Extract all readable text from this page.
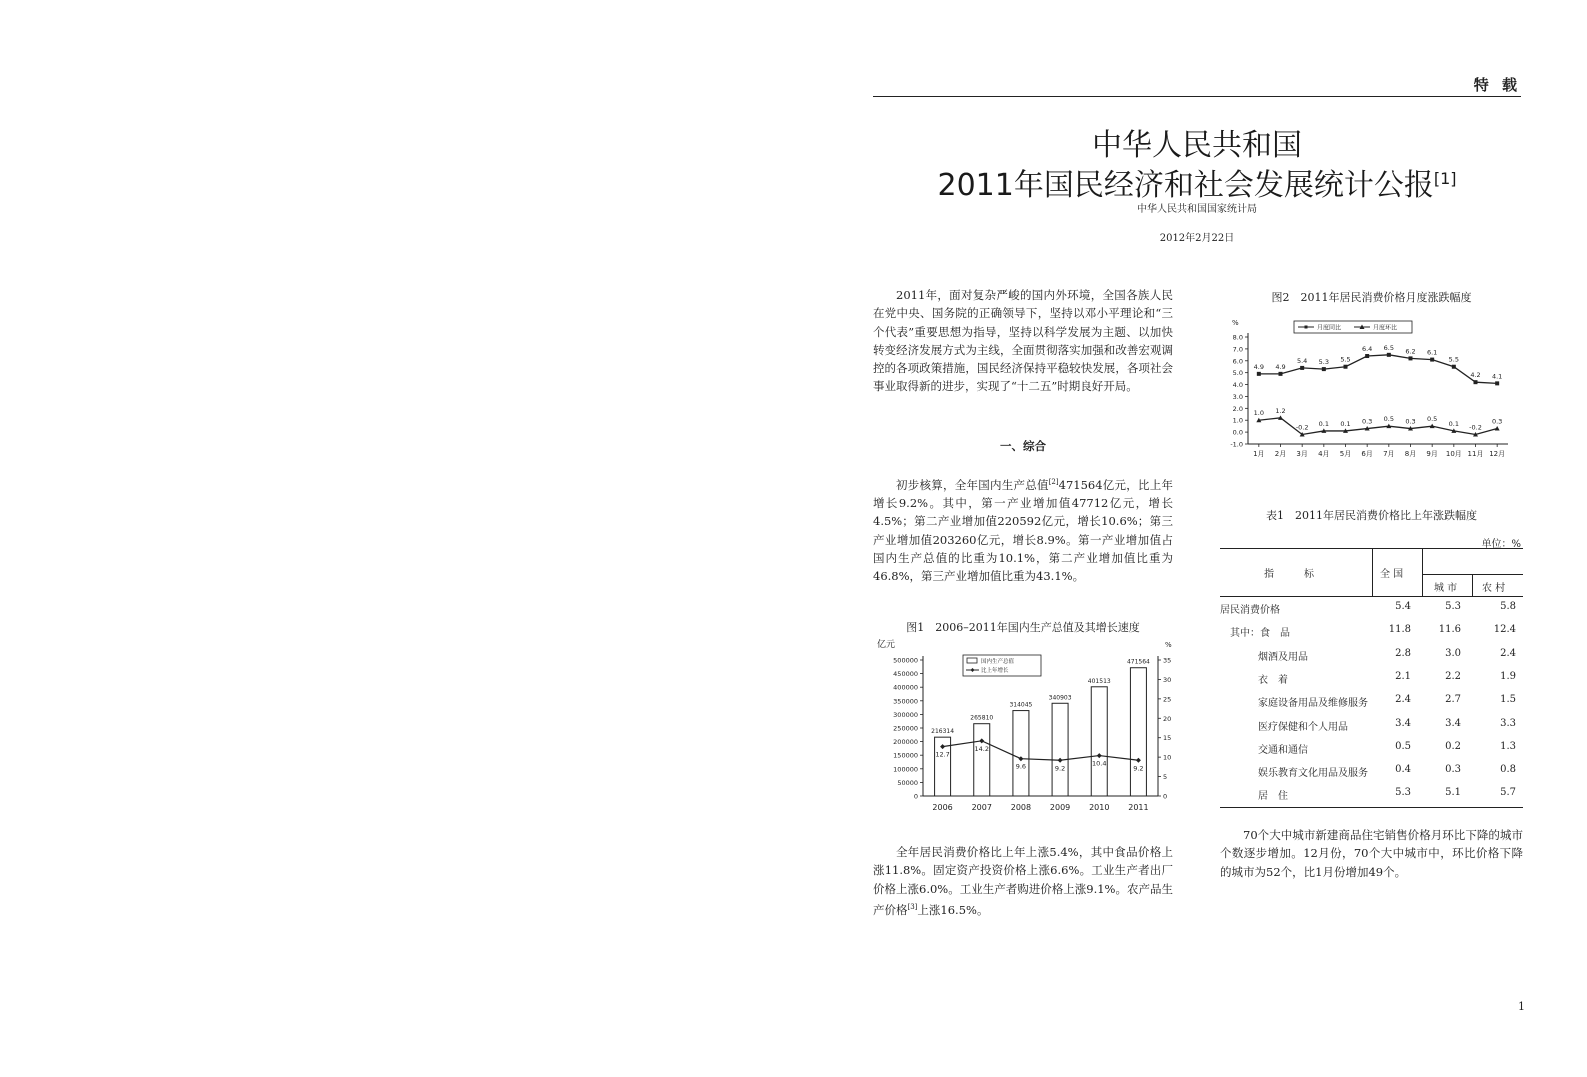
特 载
中华人民共和国
2011年国民经济和社会发展统计公报[1]
中华人民共和国国家统计局
2012年2月22日
2011年，面对复杂严峻的国内外环境，全国各族人民在党中央、国务院的正确领导下，坚持以邓小平理论和“三个代表”重要思想为指导，坚持以科学发展为主题、以加快转变经济发展方式为主线，全面贯彻落实加强和改善宏观调控的各项政策措施，国民经济保持平稳较快发展，各项社会事业取得新的进步，实现了“十二五”时期良好开局。
一、综合
初步核算，全年国内生产总值[2]471564亿元，比上年增长9.2%。其中，第一产业增加值47712亿元，增长4.5%；第二产业增加值220592亿元，增长10.6%；第三产业增加值203260亿元，增长8.9%。第一产业增加值占国内生产总值的比重为10.1%，第二产业增加值比重为46.8%，第三产业增加值比重为43.1%。
图1　2006–2011年国内生产总值及其增长速度
亿元	%
0
50000
100000
150000
200000
250000
300000
350000
400000
450000
500000
0
5
10
15
20
25
30
35
2006 2007 2008 2009 2010 2011
216314
265810
314045
340903
401513
471564
12.7
14.2
9.6	9.2
10.4
9.2
国内生产总值
比上年增长
全年居民消费价格比上年上涨5.4%，其中食品价格上涨11.8%。固定资产投资价格上涨6.6%。工业生产者出厂价格上涨6.0%。工业生产者购进价格上涨9.1%。农产品生产价格[3]上涨16.5%。
图2　2011年居民消费价格月度涨跌幅度
%
-1.0
0.0
1.0
2.0
3.0
4.0
5.0
6.0
7.0
8.0
1月 2月 3月 4月 5月 6月 7月 8月 9月 10月 11月 12月
4.9 4.9
5.4 5.3 5.5
6.4 6.5 6.2 6.1
5.5
4.2 4.1
1.0 1.2
-0.2 0.1 0.1 0.3 0.5 0.3 0.5
0.1 -0.2
0.3
月度同比	月度环比
表1　2011年居民消费价格比上年涨跌幅度
单位：%
指　　　标	全 国
城 市 农 村
居民消费价格	5.4	5.3	5.8
其中：食　品	11.8	11.6	12.4
烟酒及用品	2.8	3.0	2.4
衣　着	2.1	2.2	1.9
家庭设备用品及维修服务	2.4	2.7	1.5
医疗保健和个人用品	3.4	3.4	3.3
交通和通信	0.5	0.2	1.3
娱乐教育文化用品及服务	0.4	0.3	0.8
居　住	5.3	5.1	5.7
70个大中城市新建商品住宅销售价格月环比下降的城市个数逐步增加。12月份，70个大中城市中，环比价格下降的城市为52个，比1月份增加49个。
1
